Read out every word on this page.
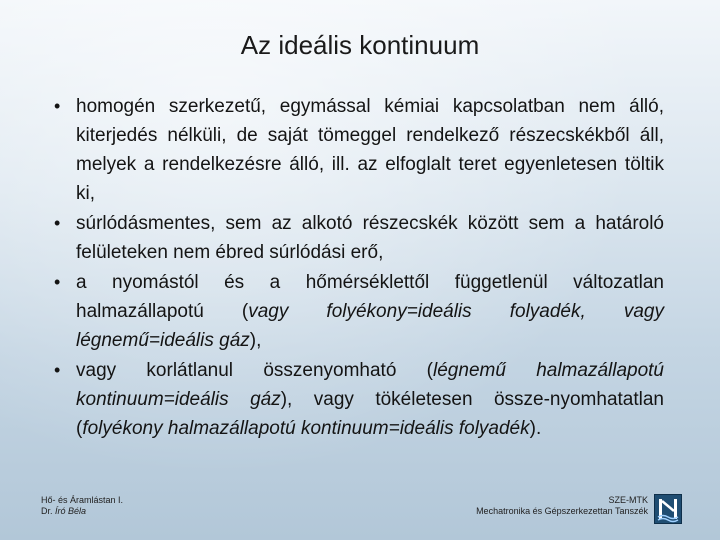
Az ideális kontinuum
• homogén szerkezetű, egymással kémiai kapcsolatban nem álló, kiterjedés nélküli, de saját tömeggel rendelkező részecskékből áll, melyek a rendelkezésre álló, ill. az elfoglalt teret egyenletesen töltik ki,
• súrlódásmentes, sem az alkotó részecskék között sem a határoló felületeken nem ébred súrlódási erő,
• a nyomástól és a hőmérséklettől függetlenül változatlan halmazállapotú (vagy folyékony=ideális folyadék, vagy légnemű=ideális gáz),
• vagy korlátlanul összenyomható (légnemű halmazállapotú kontinuum=ideális gáz), vagy tökéletesen össze-nyomhatatlan (folyékony halmazállapotú kontinuum=ideális folyadék).
Hő- és Áramlástan I.
Dr. Író Béla
SZE-MTK
Mechatronika és Gépszerkezettan Tanszék
